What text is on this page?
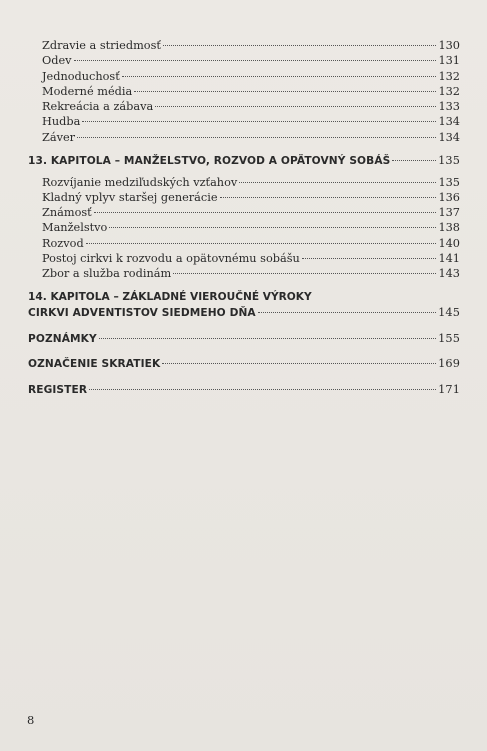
Zdravie a striedmosť	130
Odev	131
Jednoduchosť	132
Moderné média	132
Rekreácia a zábava	133
Hudba	134
Záver	134
13. KAPITOLA – MANŽELSTVO, ROZVOD A OPÄTOVNÝ SOBÁŠ	135
Rozvíjanie medziľudských vzťahov	135
Kladný vplyv staršej generácie	136
Známosť	137
Manželstvo	138
Rozvod	140
Postoj cirkvi k rozvodu a opätovnému sobášu	141
Zbor a služba rodinám	143
14. KAPITOLA – ZÁKLADNÉ VIEROUČNÉ VÝROKY
CIRKVI ADVENTISTOV SIEDMEHO DŇA	145
POZNÁMKY	155
OZNAČENIE SKRATIEK	169
REGISTER	171
8
